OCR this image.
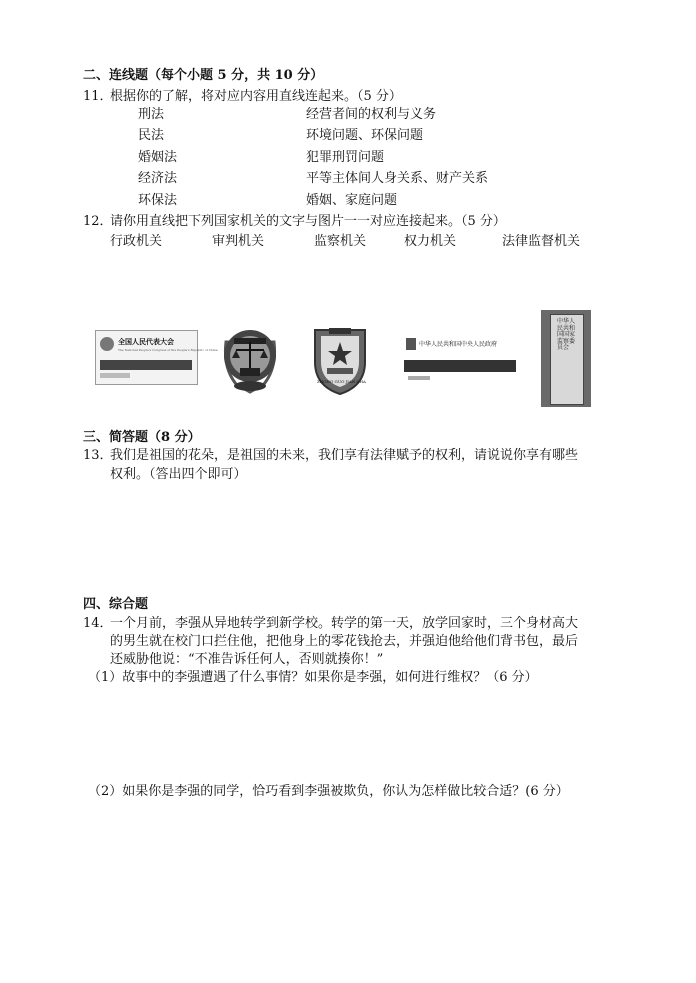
二、连线题（每个小题 5 分，共 10 分）
11．
根据你的了解，将对应内容用直线连起来。（5 分）
刑法
民法
婚姻法
经济法
环保法
经营者间的权利与义务
环境问题、环保问题
犯罪刑罚问题
平等主体间人身关系、财产关系
婚姻、家庭问题
12．
请你用直线把下列国家机关的文字与图片一一对应连接起来。（5 分）
行政机关	审判机关	监察机关	权力机关	法律监督机关
全国人民代表大会
The National People's Congress of the People's Republic of China
ZHONG GUO JIAN CHA
中华人民共和国中央人民政府
中华人民共和国国家监察委员会
三、简答题（8 分）
13．
我们是祖国的花朵，是祖国的未来，我们享有法律赋予的权利，请说说你享有哪些
权利。（答出四个即可）
四、综合题
14．
一个月前，李强从异地转学到新学校。转学的第一天，放学回家时，三个身材高大
的男生就在校门口拦住他，把他身上的零花钱抢去，并强迫他给他们背书包，最后
还威胁他说：“不准告诉任何人，否则就揍你！”
（1）故事中的李强遭遇了什么事情？如果你是李强，如何进行维权？（6 分）
（2）如果你是李强的同学，恰巧看到李强被欺负，你认为怎样做比较合适？(6 分）
